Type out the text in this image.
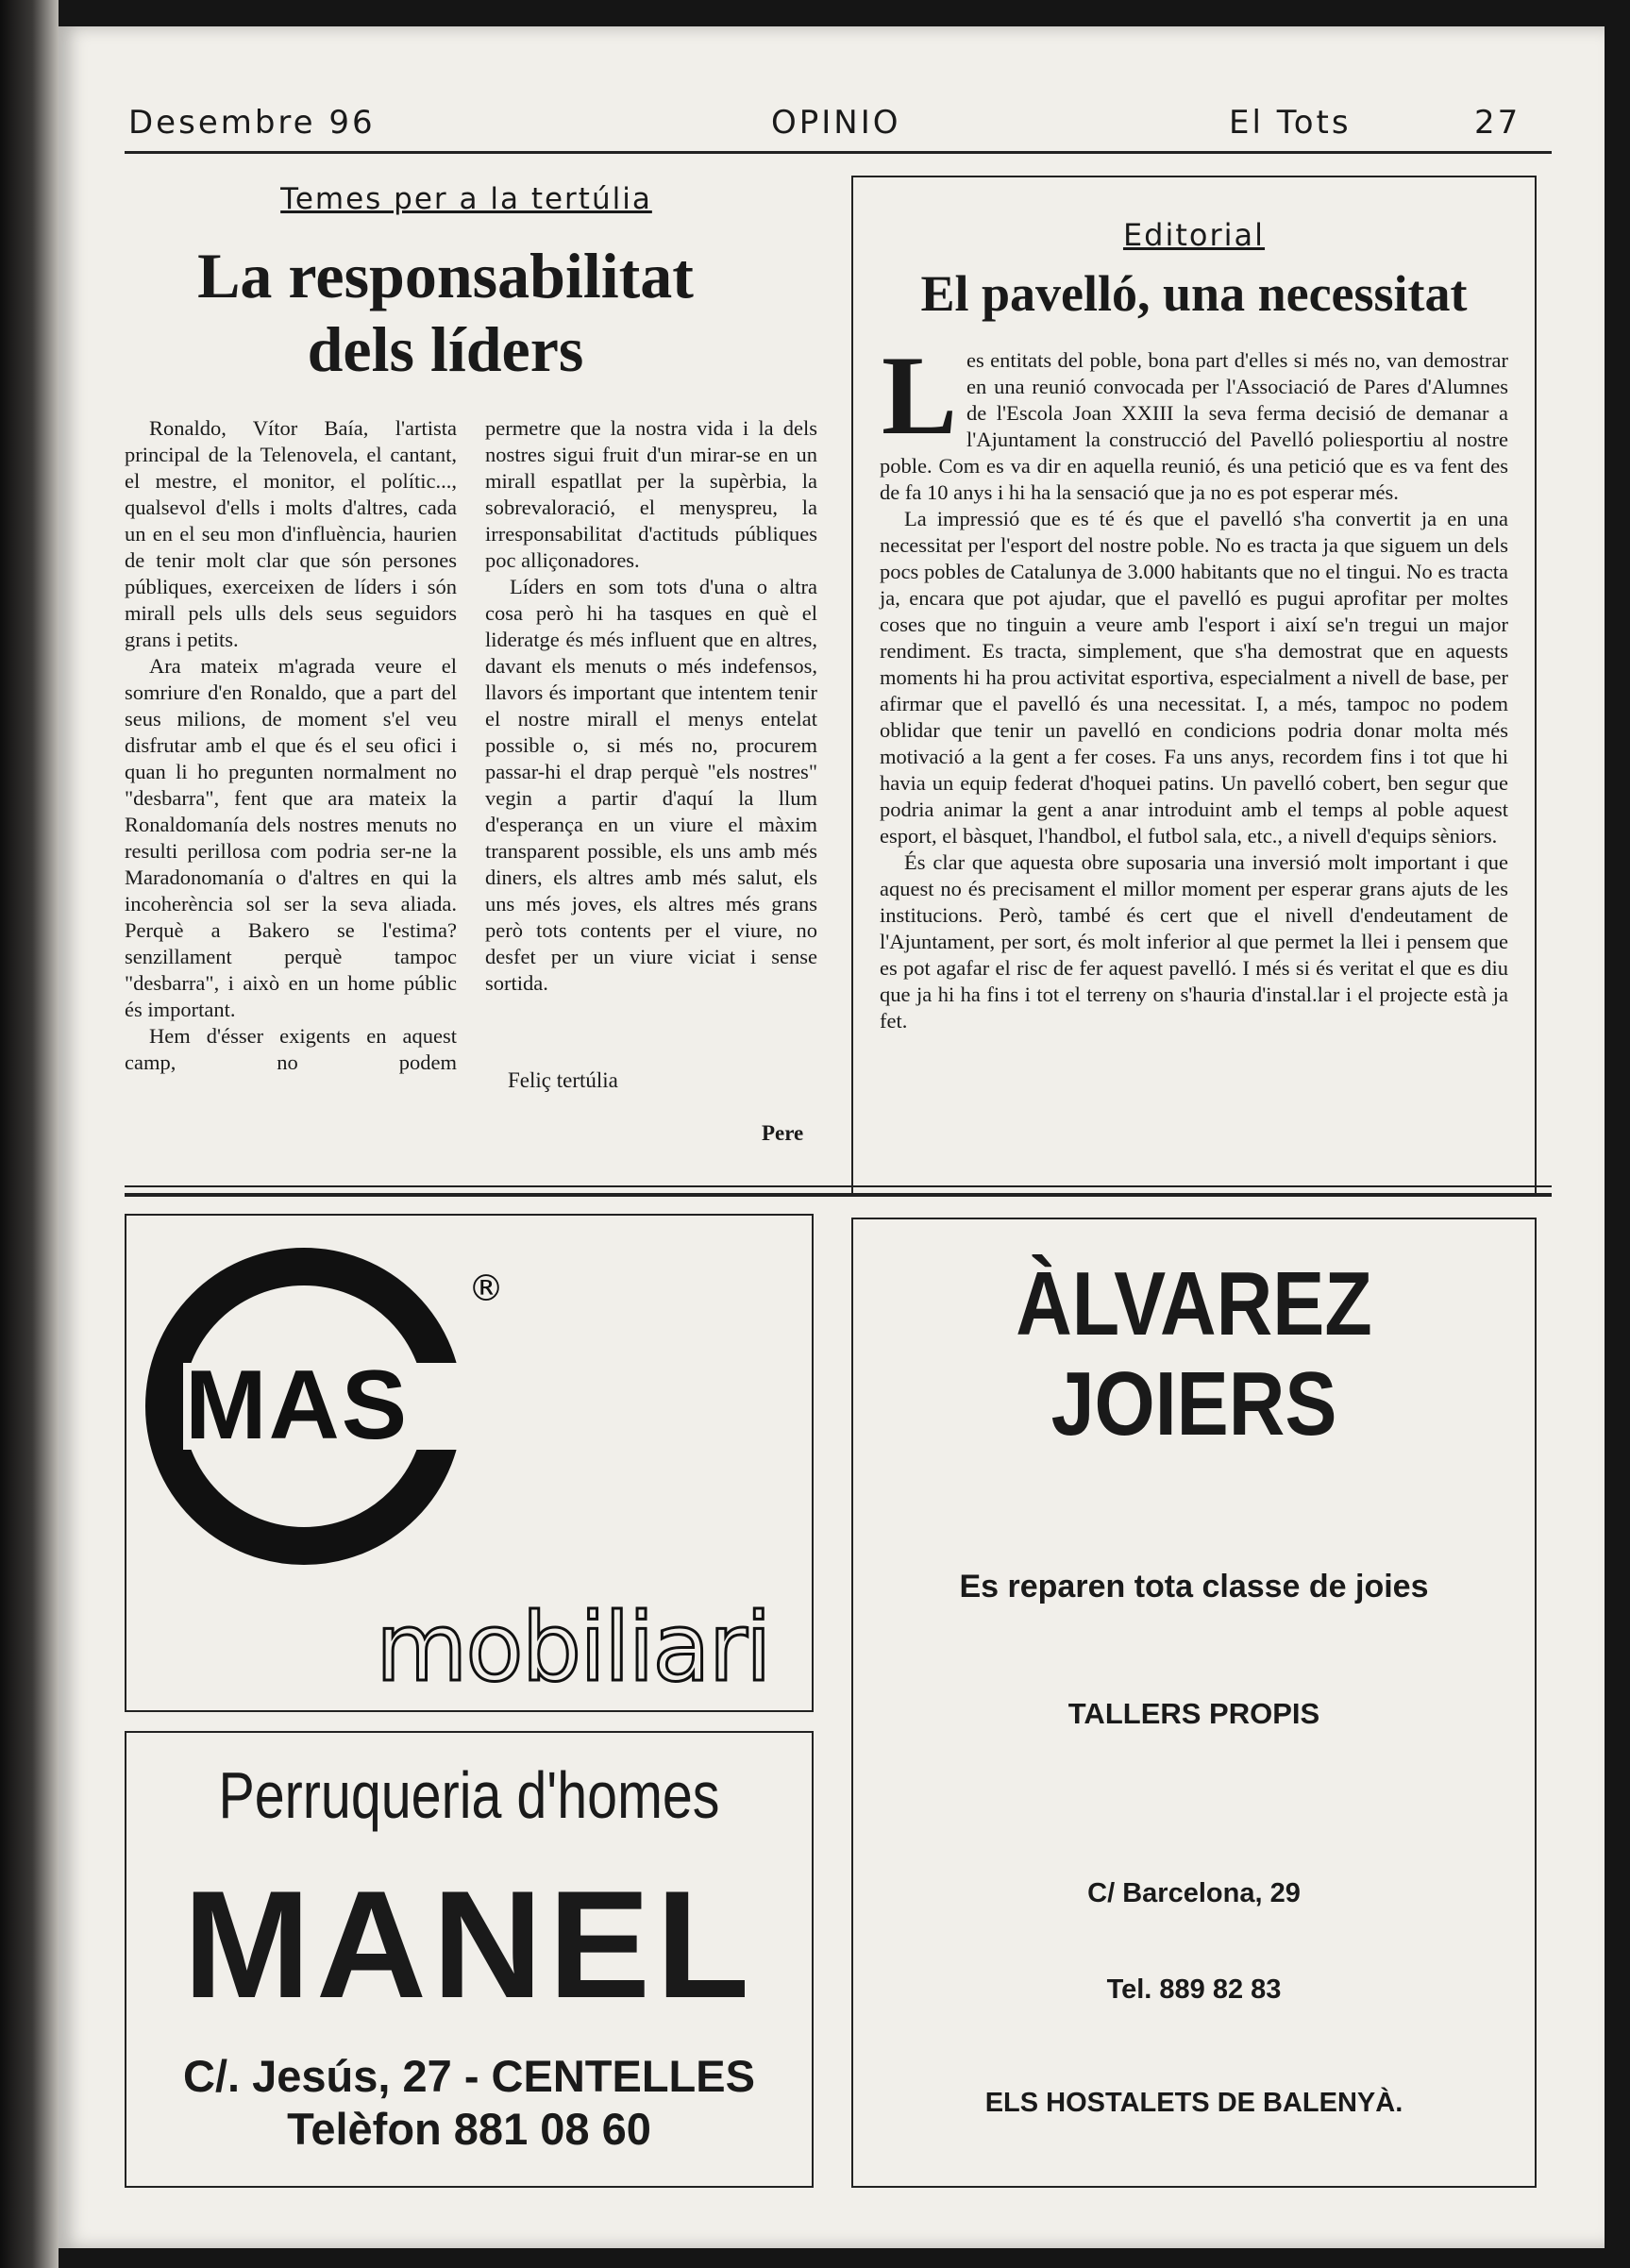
Desembre 96	OPINIO	El Tots	27
Temes per a la tertúlia
La responsabilitat dels líders

Ronaldo, Vítor Baía, l'artista principal de la Telenovela, el cantant, el mestre, el monitor, el polític..., qualsevol d'ells i molts d'altres, cada un en el seu mon d'influència, haurien de tenir molt clar que són persones públiques, exerceixen de líders i són mirall pels ulls dels seus seguidors grans i petits.

Ara mateix m'agrada veure el somriure d'en Ronaldo, que a part del seus milions, de moment s'el veu disfrutar amb el que és el seu ofici i quan li ho pregunten normalment no "desbarra", fent que ara mateix la Ronaldomanía dels nostres menuts no resulti perillosa com podria ser-ne la Maradonomanía o d'altres en qui la incoherència sol ser la seva aliada. Perquè a Bakero se l'estima? senzillament perquè tampoc "desbarra", i això en un home públic és important.

Hem d'ésser exigents en aquest camp, no podem

permetre que la nostra vida i la dels nostres sigui fruit d'un mirar-se en un mirall espatllat per la supèrbia, la sobrevaloració, el menyspreu, la irresponsabilitat d'actituds públiques poc alliçonadores.

Líders en som tots d'una o altra cosa però hi ha tasques en què el lideratge és més influent que en altres, davant els menuts o més indefensos, llavors és important que intentem tenir el nostre mirall el menys entelat possible o, si més no, procurem passar-hi el drap perquè "els nostres" vegin a partir d'aquí la llum d'esperança en un viure el màxim transparent possible, els uns amb més diners, els altres amb més salut, els uns més joves, els altres més grans però tots contents per el viure, no desfet per un viure viciat i sense sortida.

Feliç tertúlia
Pere
Editorial
El pavelló, una necessitat

Les entitats del poble, bona part d'elles si més no, van demostrar en una reunió convocada per l'Associació de Pares d'Alumnes de l'Escola Joan XXIII la seva ferma decisió de demanar a l'Ajuntament la construcció del Pavelló poliesportiu al nostre poble. Com es va dir en aquella reunió, és una petició que es va fent des de fa 10 anys i hi ha la sensació que ja no es pot esperar més.

La impressió que es té és que el pavelló s'ha convertit ja en una necessitat per l'esport del nostre poble. No es tracta ja que siguem un dels pocs pobles de Catalunya de 3.000 habitants que no el tingui. No es tracta ja, encara que pot ajudar, que el pavelló es pugui aprofitar per moltes coses que no tinguin a veure amb l'esport i així se'n tregui un major rendiment. Es tracta, simplement, que s'ha demostrat que en aquests moments hi ha prou activitat esportiva, especialment a nivell de base, per afirmar que el pavelló és una necessitat. I, a més, tampoc no podem oblidar que tenir un pavelló en condicions podria donar molta més motivació a la gent a fer coses. Fa uns anys, recordem fins i tot que hi havia un equip federat d'hoquei patins. Un pavelló cobert, ben segur que podria animar la gent a anar introduint amb el temps al poble aquest esport, el bàsquet, l'handbol, el futbol sala, etc., a nivell d'equips sèniors.

És clar que aquesta obre suposaria una inversió molt important i que aquest no és precisament el millor moment per esperar grans ajuts de les institucions. Però, també és cert que el nivell d'endeutament de l'Ajuntament, per sort, és molt inferior al que permet la llei i pensem que es pot agafar el risc de fer aquest pavelló. I més si és veritat el que es diu que ja hi ha fins i tot el terreny on s'hauria d'instal.lar i el projecte està ja fet.

®
MAS
mobiliari
Perruqueria d'homes
MANEL
C/. Jesús, 27 - CENTELLES
Telèfon 881 08 60
ÀLVAREZ
JOIERS
Es reparen tota classe de joies
TALLERS PROPIS
C/ Barcelona, 29
Tel. 889 82 83
ELS HOSTALETS DE BALENYÀ.
